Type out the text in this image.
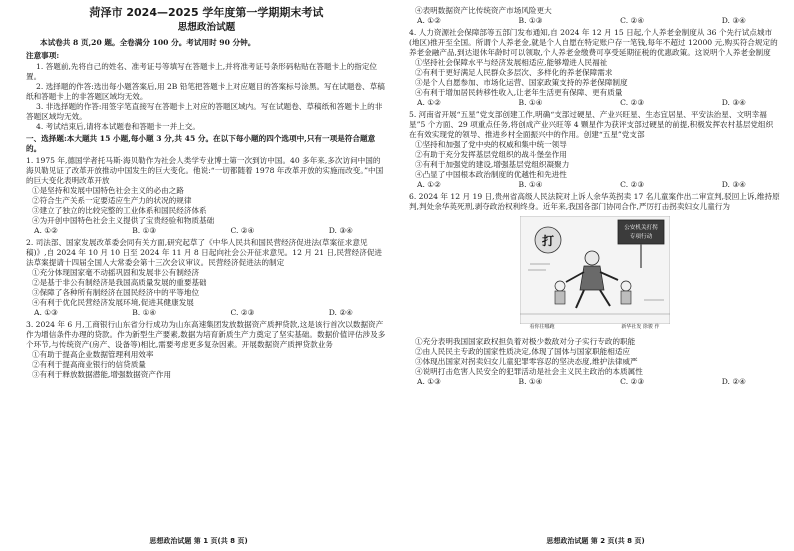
菏泽市 2024—2025 学年度第一学期期末考试
思想政治试题

本试卷共 8 页,20 题。全卷满分 100 分。考试用时 90 分钟。

注意事项:

1. 答题前,先将自己的姓名、准考证号等填写在答题卡上,并将准考证号条形码粘贴在答题卡上的指定位置。

2. 选择题的作答:选出每小题答案后,用 2B 铅笔把答题卡上对应题目的答案标号涂黑。写在试题卷、草稿纸和答题卡上的非答题区域均无效。

3. 非选择题的作答:用签字笔直接写在答题卡上对应的答题区域内。写在试题卷、草稿纸和答题卡上的非答题区域均无效。

4. 考试结束后,请将本试题卷和答题卡一并上交。

一、选择题:本大题共 15 小题,每小题 3 分,共 45 分。在以下每小题的四个选项中,只有一项是符合题意的。

1. 1975 年,德国学者托马斯·海贝勒作为社会人类学专业博士第一次到访中国。40 多年来,多次访问中国的海贝勒见证了改革开放推动中国发生的巨大变化。他说:“一切都随着 1978 年改革开放的实施而改变。”中国的巨大变化表明改革开放

①是坚持和发展中国特色社会主义的必由之路

②符合生产关系一定要适应生产力的状况的规律

③建立了独立的比较完整的工业体系和国民经济体系

④为开创中国特色社会主义提供了宝贵经验和物质基础

A. ①②	B. ①③	C. ②④	D. ③④

2. 司法部、国家发展改革委会同有关方面,研究起草了《中华人民共和国民营经济促进法(草案征求意见稿)》,自 2024 年 10 月 10 日至 2024 年 11 月 8 日起向社会公开征求意见。12 月 21 日,民营经济促进法草案提请十四届全国人大常委会第十三次会议审议。民营经济促进法的制定

①充分体现国家毫不动摇巩固和发展非公有制经济

②是基于非公有制经济是我国高质量发展的重要基础

③保障了各种所有制经济在国民经济中的平等地位

④有利于优化民营经济发展环境,促进其健康发展

A. ①③	B. ①④	C. ②③	D. ②④

3. 2024 年 6 月,工商银行山东省分行成功为山东高速集团发放数据资产质押贷款,这是该行首次以数据资产作为增信条件办理的贷款。作为新型生产要素,数据为培育新质生产力奠定了坚实基础。数据价值评估涉及多个环节,与传统资产(房产、设备等)相比,需要考虑更多复杂因素。开展数据资产质押贷款业务

①有助于提高企业数据管理利用效率

②有利于提高商业银行的信贷质量

③有利于释放数据潜能,增强数据资产作用

思想政治试题 第 1 页(共 8 页)

④表明数据资产比传统资产市场风险更大

A. ①②	B. ①③	C. ②④	D. ③④

4. 人力资源社会保障部等五部门发布通知,自 2024 年 12 月 15 日起,个人养老金制度从 36 个先行试点城市(地区)推开至全国。所谓个人养老金,就是个人自愿在特定账户存一笔钱,每年不超过 12000 元,购买符合规定的养老金融产品,到达退休年龄时可以领取,个人养老金缴费可享受延期征税的优惠政策。这说明个人养老金制度

①坚持社会保障水平与经济发展相适应,能够增进人民福祉

②有利于更好满足人民群众多层次、多样化的养老保障需求

③是个人自愿参加、市场化运营、国家政策支持的养老保障制度

④有利于增加居民转移性收入,让老年生活更有保障、更有质量

A. ①②	B. ①④	C. ②③	D. ③④

5. 河南省开展“五星”党支部创建工作,明确“支部过硬星、产业兴旺星、生态宜居星、平安法治星、文明幸福星”5 个方面、29 项重点任务,将创成产业兴旺等 4 颗星作为获评支部过硬星的前提,积极发挥农村基层党组织在有效实现党的领导、推进乡村全面振兴中的作用。创建“五星”党支部

①坚持和加强了党中央的权威和集中统一领导

②有助于充分发挥基层党组织的战斗堡垒作用

③有利于加强党的建设,增强基层党组织凝聚力

④凸显了中国根本政治制度的优越性和先进性

A. ①②	B. ①④	C. ②③	D. ③④

6. 2024 年 12 月 19 日,贵州省高级人民法院对上诉人余华英拐卖 17 名儿童案作出二审宣判,驳回上诉,维持原判,判处余华英死刑,剥夺政治权利终身。近年来,我国各部门协同合作,严厉打击拐卖妇女儿童行为

公安机关打拐
专项行动
打
看你往哪跑	新华社发 徐骏 作

①充分表明我国国家政权担负着对极少数敌对分子实行专政的职能

②由人民民主专政的国家性质决定,体现了国体与国家职能相适应

③体现出国家对拐卖妇女儿童犯罪零容忍的坚决态度,维护法律威严

④说明打击危害人民安全的犯罪活动是社会主义民主政治的本质属性

A. ①③	B. ①④	C. ②③	D. ②④
思想政治试题 第 2 页(共 8 页)
